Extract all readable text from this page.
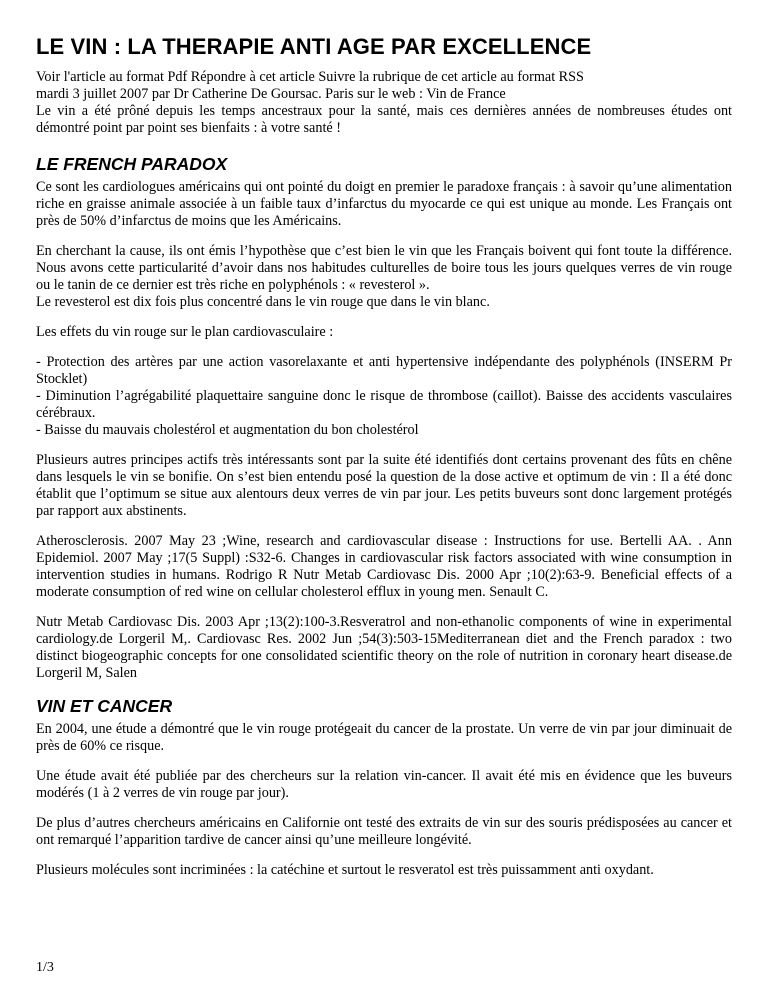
LE VIN : LA THERAPIE ANTI AGE PAR EXCELLENCE
Voir l'article au format Pdf Répondre à cet article Suivre la rubrique de cet article au format RSS
mardi 3 juillet 2007 par Dr Catherine De Goursac. Paris sur le web : Vin de France

Le vin a été prôné depuis les temps ancestraux pour la santé, mais ces dernières années de nombreuses études ont démontré point par point ses bienfaits : à votre santé !

LE FRENCH PARADOX

Ce sont les cardiologues américains qui ont pointé du doigt en premier le paradoxe français : à savoir qu’une alimentation riche en graisse animale associée à un faible taux d’infarctus du myocarde ce qui est unique au monde. Les Français ont près de 50% d’infarctus de moins que les Américains.

En cherchant la cause, ils ont émis l’hypothèse que c’est bien le vin que les Français boivent qui font toute la différence. Nous avons cette particularité d’avoir dans nos habitudes culturelles de boire tous les jours quelques verres de vin rouge ou le tanin de ce dernier est très riche en polyphénols : « revesterol ».

Le revesterol est dix fois plus concentré dans le vin rouge que dans le vin blanc.

Les effets du vin rouge sur le plan cardiovasculaire :

- Protection des artères par une action vasorelaxante et anti hypertensive indépendante des polyphénols (INSERM Pr Stocklet)

- Diminution l’agrégabilité plaquettaire sanguine donc le risque de thrombose (caillot). Baisse des accidents vasculaires cérébraux.

- Baisse du mauvais cholestérol et augmentation du bon cholestérol

Plusieurs autres principes actifs très intéressants sont par la suite été identifiés dont certains provenant des fûts en chêne dans lesquels le vin se bonifie. On s’est bien entendu posé la question de la dose active et optimum de vin : Il a été donc établit que l’optimum se situe aux alentours deux verres de vin par jour. Les petits buveurs sont donc largement protégés par rapport aux abstinents.

Atherosclerosis. 2007 May 23 ;Wine, research and cardiovascular disease : Instructions for use. Bertelli AA. . Ann Epidemiol. 2007 May ;17(5 Suppl) :S32-6. Changes in cardiovascular risk factors associated with wine consumption in intervention studies in humans. Rodrigo R Nutr Metab Cardiovasc Dis. 2000 Apr ;10(2):63-9. Beneficial effects of a moderate consumption of red wine on cellular cholesterol efflux in young men. Senault C.

Nutr Metab Cardiovasc Dis. 2003 Apr ;13(2):100-3.Resveratrol and non-ethanolic components of wine in experimental cardiology.de Lorgeril M,. Cardiovasc Res. 2002 Jun ;54(3):503-15Mediterranean diet and the French paradox : two distinct biogeographic concepts for one consolidated scientific theory on the role of nutrition in coronary heart disease.de Lorgeril M, Salen

VIN ET CANCER

En 2004, une étude a démontré que le vin rouge protégeait du cancer de la prostate. Un verre de vin par jour diminuait de près de 60% ce risque.

Une étude avait été publiée par des chercheurs sur la relation vin-cancer. Il avait été mis en évidence que les buveurs modérés (1 à 2 verres de vin rouge par jour).

De plus d’autres chercheurs américains en Californie ont testé des extraits de vin sur des souris prédisposées au cancer et ont remarqué l’apparition tardive de cancer ainsi qu’une meilleure longévité.

Plusieurs molécules sont incriminées : la catéchine et surtout le resveratol est très puissamment anti oxydant.

1/3
